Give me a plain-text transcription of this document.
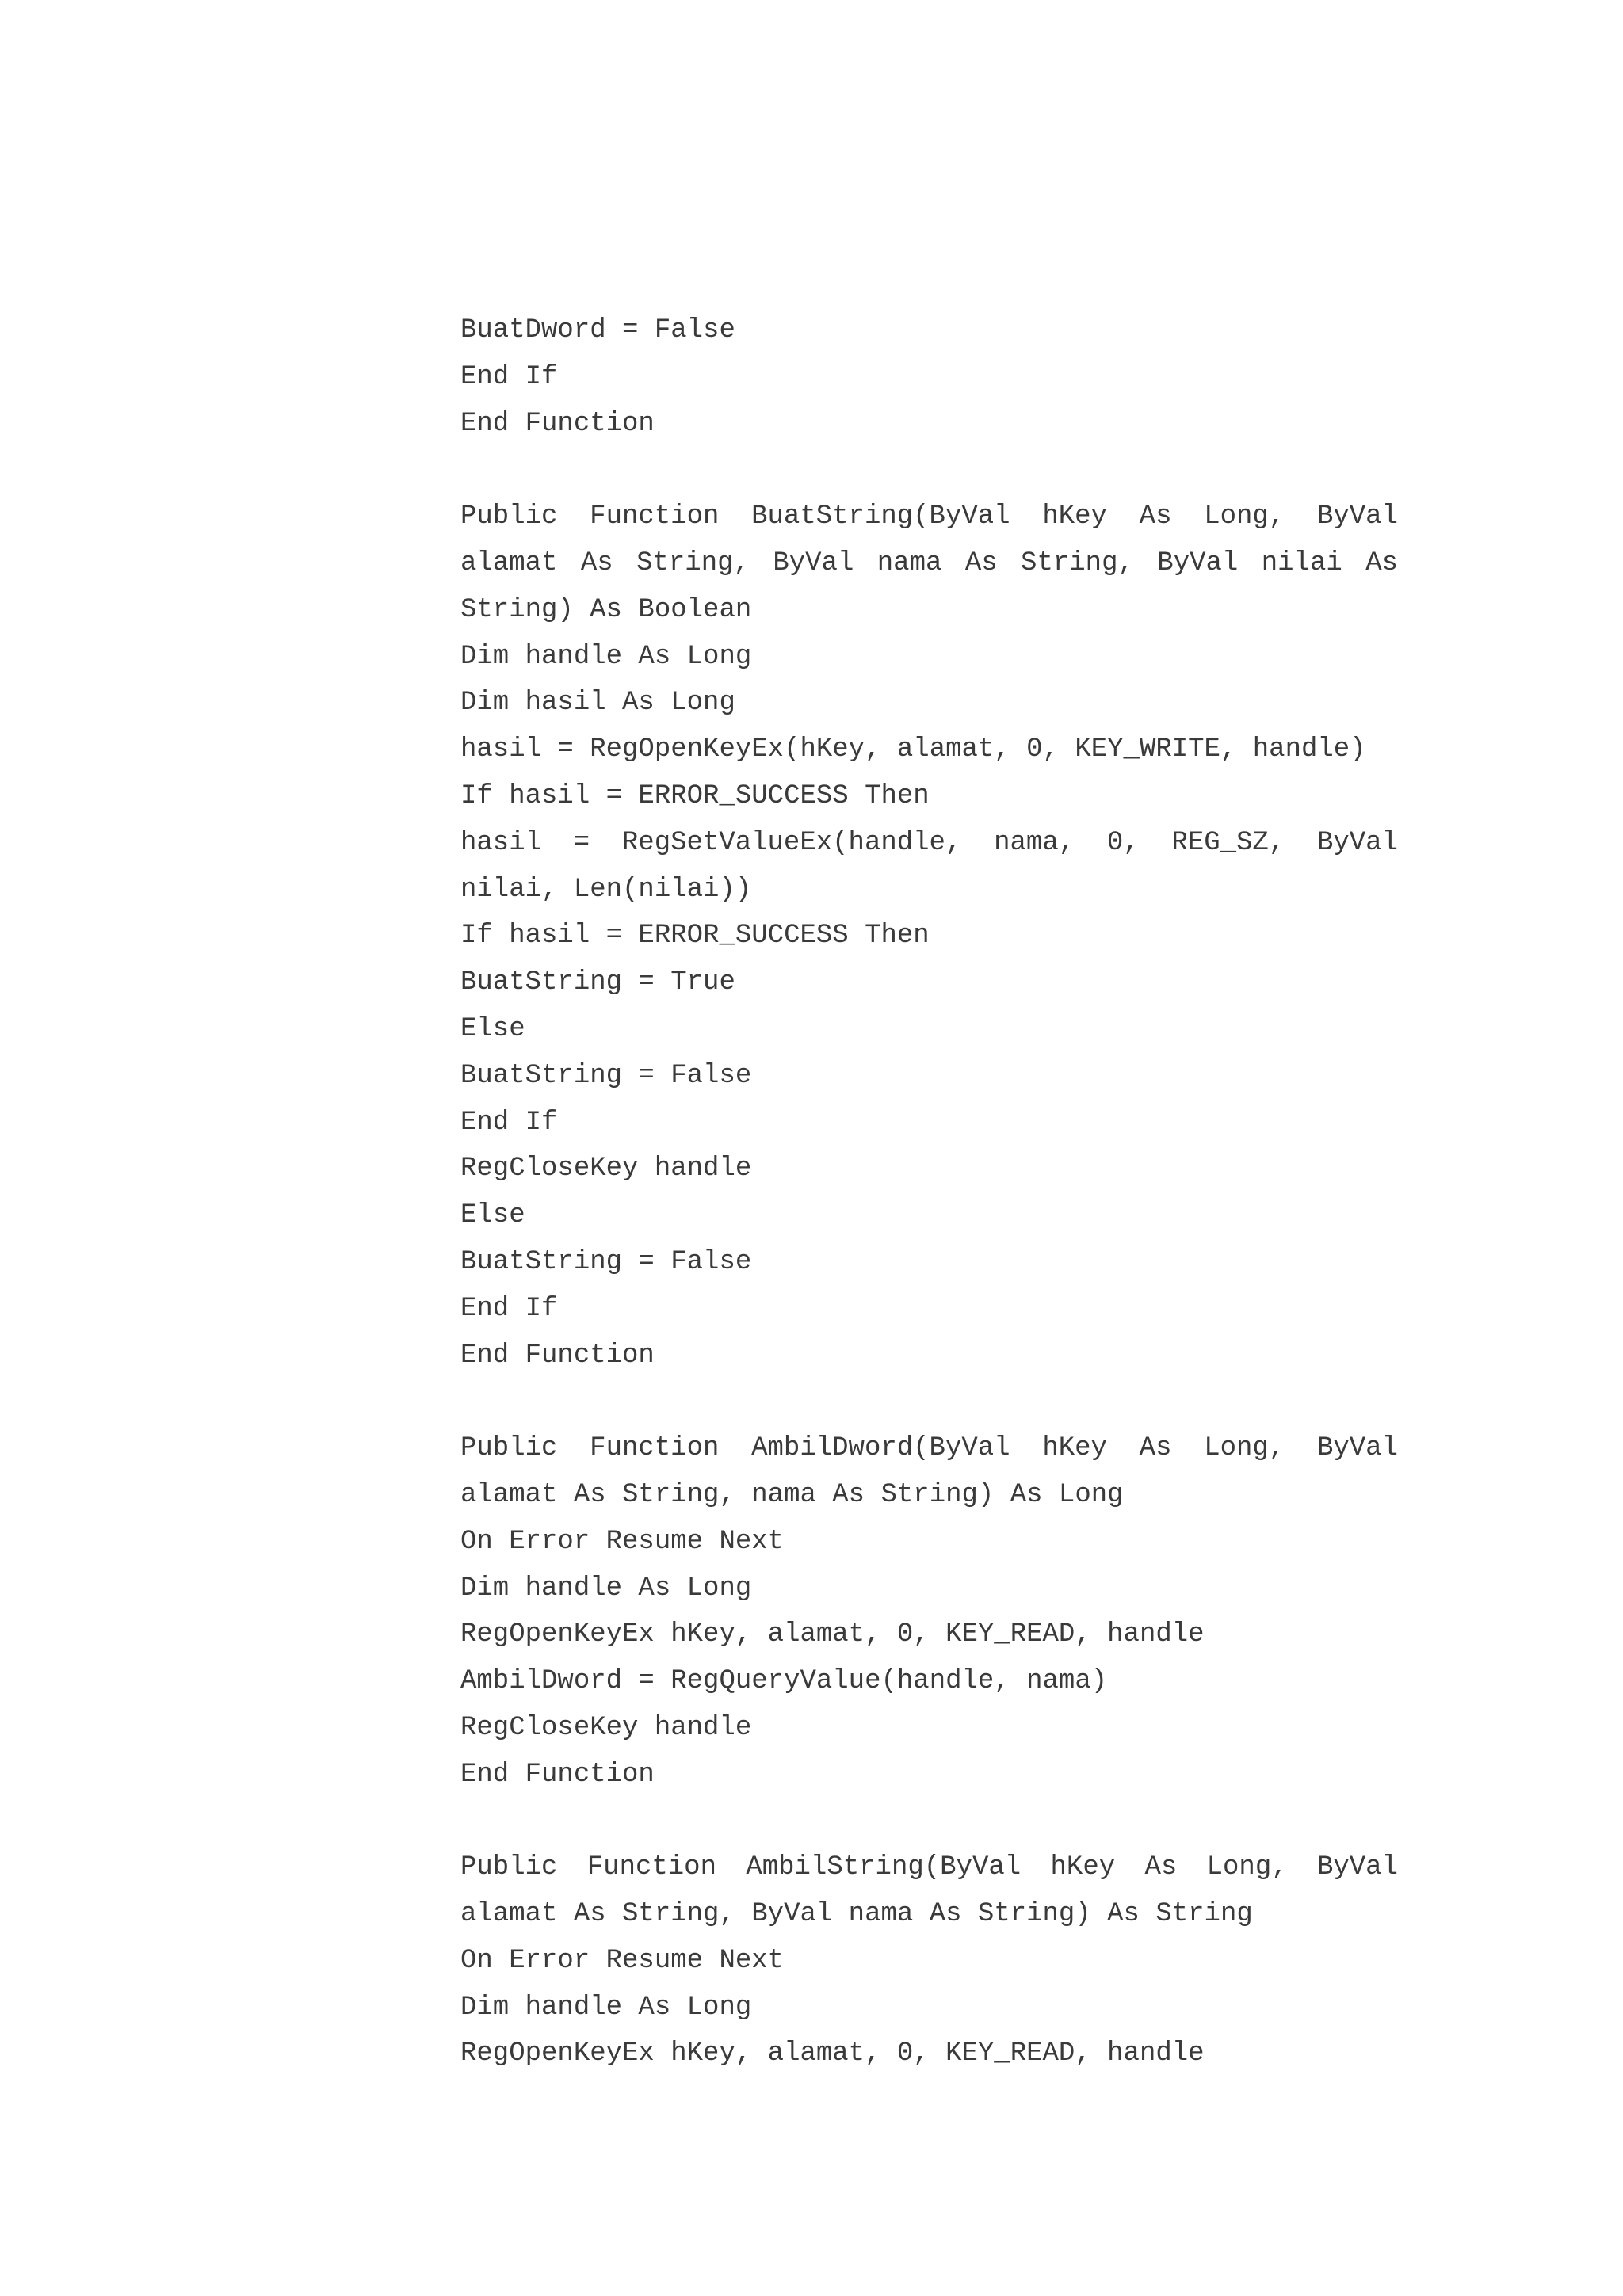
BuatDword = False
End If
End Function
Public Function BuatString(ByVal hKey As Long, ByVal
alamat As String, ByVal nama As String, ByVal nilai As
String) As Boolean
Dim handle As Long
Dim hasil As Long
hasil = RegOpenKeyEx(hKey, alamat, 0, KEY_WRITE, handle)
If hasil = ERROR_SUCCESS Then
hasil = RegSetValueEx(handle, nama, 0, REG_SZ, ByVal
nilai, Len(nilai))
If hasil = ERROR_SUCCESS Then
BuatString = True
Else
BuatString = False
End If
RegCloseKey handle
Else
BuatString = False
End If
End Function
Public Function AmbilDword(ByVal hKey As Long, ByVal
alamat As String, nama As String) As Long
On Error Resume Next
Dim handle As Long
RegOpenKeyEx hKey, alamat, 0, KEY_READ, handle
AmbilDword = RegQueryValue(handle, nama)
RegCloseKey handle
End Function
Public Function AmbilString(ByVal hKey As Long, ByVal
alamat As String, ByVal nama As String) As String
On Error Resume Next
Dim handle As Long
RegOpenKeyEx hKey, alamat, 0, KEY_READ, handle
